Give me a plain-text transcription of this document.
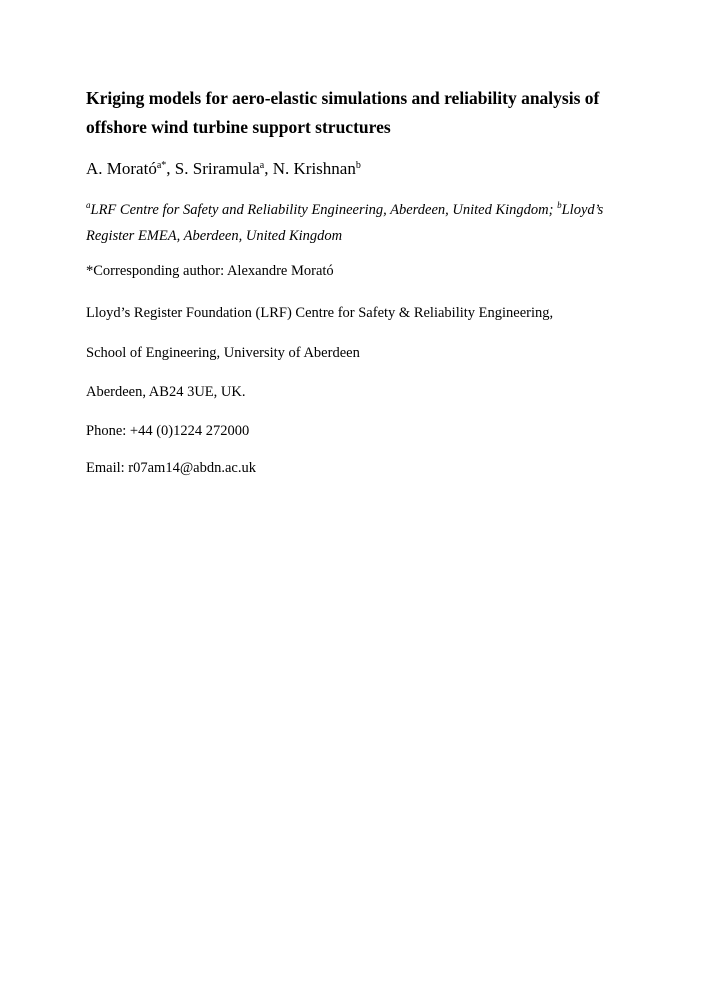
Kriging models for aero-elastic simulations and reliability analysis of offshore wind turbine support structures

A. Morató$^{a*}$, S. Sriramula$^a$, N. Krishnan$^b$

$^a$LRF Centre for Safety and Reliability Engineering, Aberdeen, United Kingdom; $^b$Lloyd’s Register EMEA, Aberdeen, United Kingdom

*Corresponding author: Alexandre Morató

Lloyd’s Register Foundation (LRF) Centre for Safety & Reliability Engineering,

School of Engineering, University of Aberdeen

Aberdeen, AB24 3UE, UK.

Phone: +44 (0)1224 272000

Email: r07am14@abdn.ac.uk
